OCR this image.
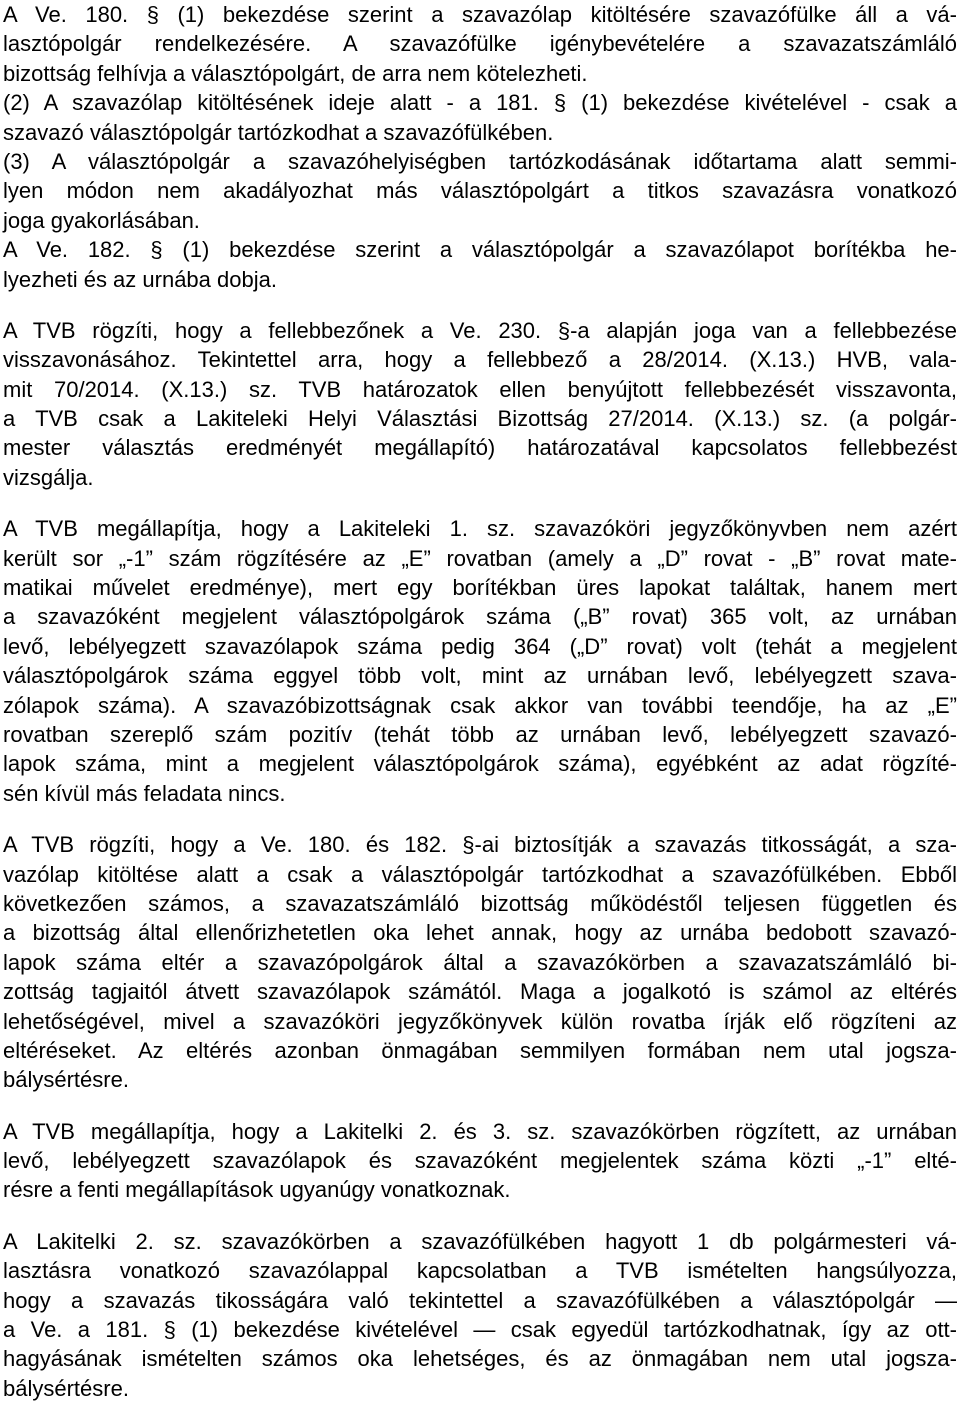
A Ve. 180. § (1) bekezdése szerint a szavazólap kitöltésére szavazófülke áll a vá-
lasztópolgár rendelkezésére. A szavazófülke igénybevételére a szavazatszámláló
bizottság felhívja a választópolgárt, de arra nem kötelezheti.
(2) A szavazólap kitöltésének ideje alatt - a 181. § (1) bekezdése kivételével - csak a
szavazó választópolgár tartózkodhat a szavazófülkében.
(3) A választópolgár a szavazóhelyiségben tartózkodásának időtartama alatt semmi-
lyen módon nem akadályozhat más választópolgárt a titkos szavazásra vonatkozó
joga gyakorlásában.
A Ve. 182. § (1) bekezdése szerint a választópolgár a szavazólapot borítékba he-
lyezheti és az urnába dobja.
A TVB rögzíti, hogy a fellebbezőnek a Ve. 230. §-a alapján joga van a fellebbezése
visszavonásához. Tekintettel arra, hogy a fellebbező a 28/2014. (X.13.) HVB, vala-
mit 70/2014. (X.13.) sz. TVB határozatok ellen benyújtott fellebbezését visszavonta,
a TVB csak a Lakiteleki Helyi Választási Bizottság 27/2014. (X.13.) sz. (a polgár-
mester választás eredményét megállapító) határozatával kapcsolatos fellebbezést
vizsgálja.
A TVB megállapítja, hogy a Lakiteleki 1. sz. szavazóköri jegyzőkönyvben nem azért
került sor „-1” szám rögzítésére az „E” rovatban (amely a „D” rovat - „B” rovat mate-
matikai művelet eredménye), mert egy borítékban üres lapokat találtak, hanem mert
a szavazóként megjelent választópolgárok száma („B” rovat) 365 volt, az urnában
levő, lebélyegzett szavazólapok száma pedig 364 („D” rovat) volt (tehát a megjelent
választópolgárok száma eggyel több volt, mint az urnában levő, lebélyegzett szava-
zólapok száma). A szavazóbizottságnak csak akkor van további teendője, ha az „E”
rovatban szereplő szám pozitív (tehát több az urnában levő, lebélyegzett szavazó-
lapok száma, mint a megjelent választópolgárok száma), egyébként az adat rögzíté-
sén kívül más feladata nincs.
A TVB rögzíti, hogy a Ve. 180. és 182. §-ai biztosítják a szavazás titkosságát, a sza-
vazólap kitöltése alatt a csak a választópolgár tartózkodhat a szavazófülkében. Ebből
következően számos, a szavazatszámláló bizottság működéstől teljesen független és
a bizottság által ellenőrizhetetlen oka lehet annak, hogy az urnába bedobott szavazó-
lapok száma eltér a szavazópolgárok által a szavazókörben a szavazatszámláló bi-
zottság tagjaitól átvett szavazólapok számától. Maga a jogalkotó is számol az eltérés
lehetőségével, mivel a szavazóköri jegyzőkönyvek külön rovatba írják elő rögzíteni az
eltéréseket. Az eltérés azonban önmagában semmilyen formában nem utal jogsza-
bálysértésre.
A TVB megállapítja, hogy a Lakitelki 2. és 3. sz. szavazókörben rögzített, az urnában
levő, lebélyegzett szavazólapok és szavazóként megjelentek száma közti „-1” elté-
résre a fenti megállapítások ugyanúgy vonatkoznak.
A Lakitelki 2. sz. szavazókörben a szavazófülkében hagyott 1 db polgármesteri vá-
lasztásra vonatkozó szavazólappal kapcsolatban a TVB ismételten hangsúlyozza,
hogy a szavazás tikosságára való tekintettel a szavazófülkében a választópolgár —
a Ve. a 181. § (1) bekezdése kivételével — csak egyedül tartózkodhatnak, így az ott-
hagyásának ismételten számos oka lehetséges, és az önmagában nem utal jogsza-
bálysértésre.
